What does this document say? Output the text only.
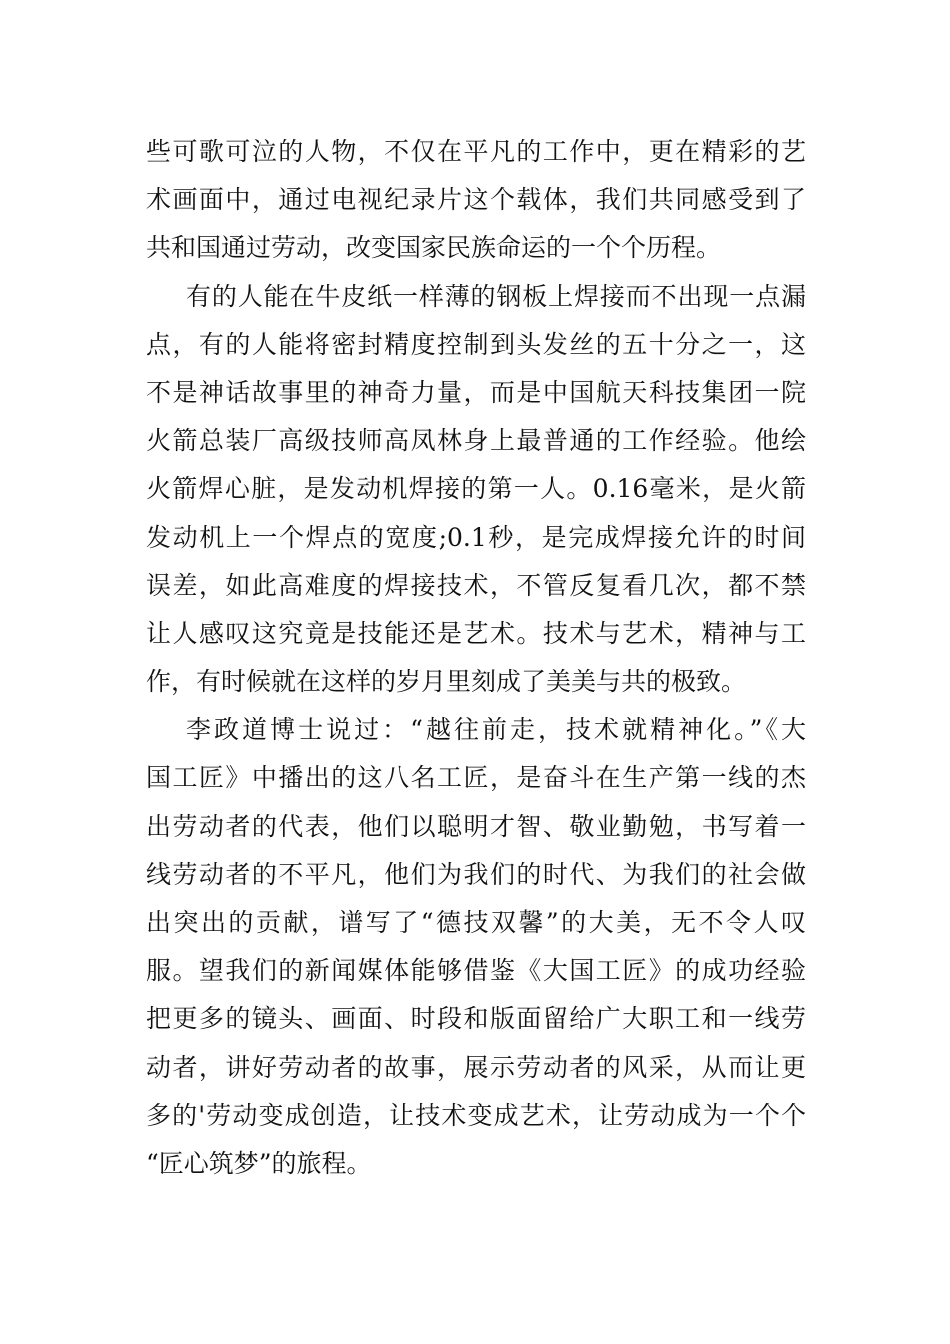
些可歌可泣的人物，不仅在平凡的工作中，更在精彩的艺
术画面中，通过电视纪录片这个载体，我们共同感受到了
共和国通过劳动，改变国家民族命运的一个个历程。
有的人能在牛皮纸一样薄的钢板上焊接而不出现一点漏
点，有的人能将密封精度控制到头发丝的五十分之一，这
不是神话故事里的神奇力量，而是中国航天科技集团一院
火箭总装厂高级技师高凤林身上最普通的工作经验。他绘
火箭焊心脏，是发动机焊接的第一人。0.16毫米，是火箭
发动机上一个焊点的宽度;0.1秒，是完成焊接允许的时间
误差，如此高难度的焊接技术，不管反复看几次，都不禁
让人感叹这究竟是技能还是艺术。技术与艺术，精神与工
作，有时候就在这样的岁月里刻成了美美与共的极致。
李政道博士说过：“越往前走，技术就精神化。”《大
国工匠》中播出的这八名工匠，是奋斗在生产第一线的杰
出劳动者的代表，他们以聪明才智、敬业勤勉，书写着一
线劳动者的不平凡，他们为我们的时代、为我们的社会做
出突出的贡献，谱写了“德技双馨”的大美，无不令人叹
服。望我们的新闻媒体能够借鉴《大国工匠》的成功经验
把更多的镜头、画面、时段和版面留给广大职工和一线劳
动者，讲好劳动者的故事，展示劳动者的风采，从而让更
多的'劳动变成创造，让技术变成艺术，让劳动成为一个个
“匠心筑梦”的旅程。
